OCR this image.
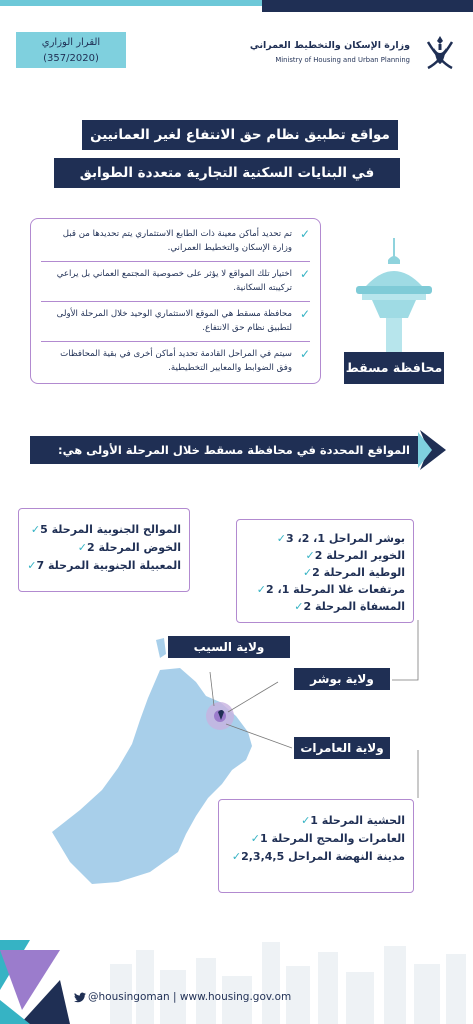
القرار الوزاري
(357/2020)
وزارة الإسكان والتخطيط العمراني
Ministry of Housing and Urban Planning
مواقع تطبيق نظام حق الانتفاع لغير العمانيين
في البنايات السكنية التجارية متعددة الطوابق
✓
تم تحديد أماكن معينة ذات الطابع الاستثماري يتم تحديدها من قبل وزارة الإسكان والتخطيط العمراني.
✓
اختيار تلك المواقع لا يؤثر على خصوصية المجتمع العماني بل يراعي تركيبته السكانية.
✓
محافظة مسقط هي الموقع الاستثماري الوحيد خلال المرحلة الأولى لتطبيق نظام حق الانتفاع.
✓
سيتم في المراحل القادمة تحديد أماكن أخرى في بقية المحافظات وفق الضوابط والمعايير التخطيطية.	محافظة مسقط
المواقع المحددة في محافظة مسقط خلال المرحلة الأولى هي:
الموالح الجنوبية المرحلة 5✓
الخوض المرحلة 2✓
المعبيلة الجنوبية المرحلة 7✓
بوشر المراحل 1، 2، 3✓
الخوير المرحلة 2✓
الوطية المرحلة 2✓
مرتفعات غلا المرحلة 1، 2✓
المسفاة المرحلة 2✓
الحشية المرحلة 1✓
العامرات والمحج المرحلة 1✓
مدينة النهضة المراحل 2,3,4,5✓
ولاية السيب
ولاية بوشر
ولاية العامرات
@housingoman | www.housing.gov.om
